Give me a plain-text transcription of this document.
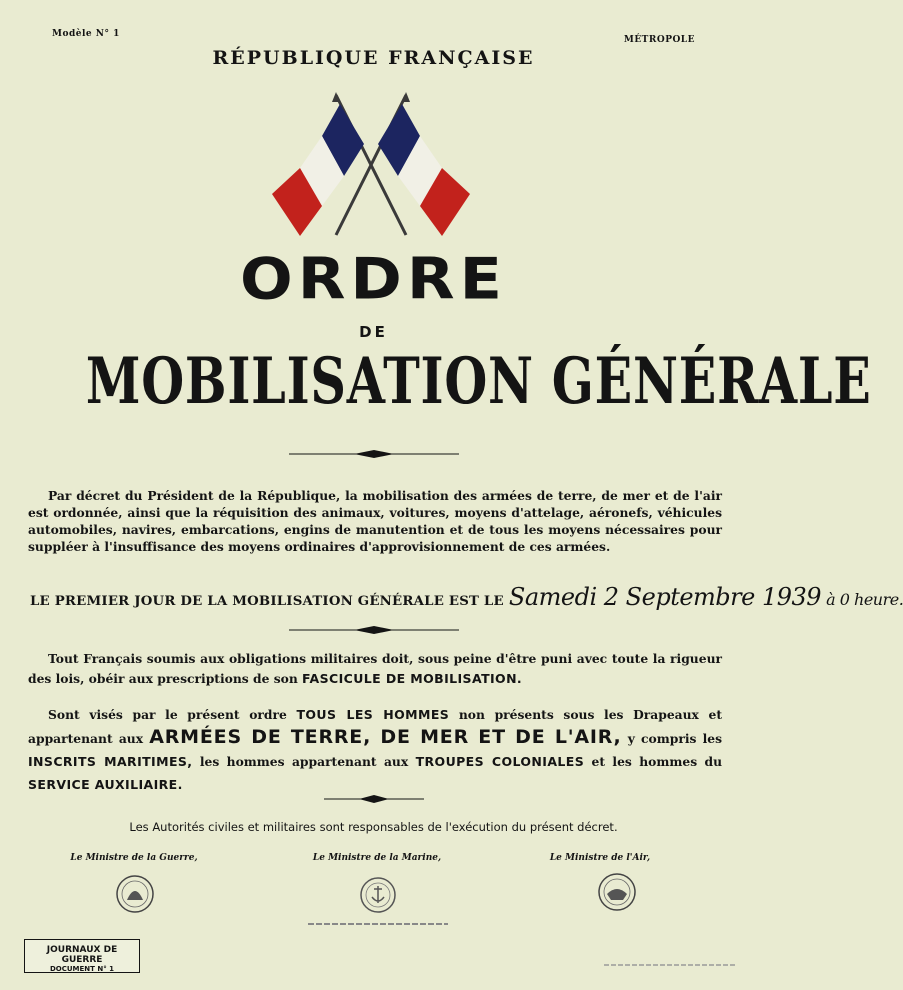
Modèle N° 1
MÉTROPOLE
RÉPUBLIQUE FRANÇAISE
ORDRE
DE
MOBILISATION GÉNÉRALE
Par décret du Président de la République, la mobilisation des armées de terre, de mer et de l'air est ordonnée, ainsi que la réquisition des animaux, voitures, moyens d'attelage, aéronefs, véhicules automobiles, navires, embarcations, engins de manutention et de tous les moyens nécessaires pour suppléer à l'insuffisance des moyens ordinaires d'approvisionnement de ces armées.
LE PREMIER JOUR DE LA MOBILISATION GÉNÉRALE EST LE Samedi 2 Septembre 1939 à 0 heure.
Tout Français soumis aux obligations militaires doit, sous peine d'être puni avec toute la rigueur des lois, obéir aux prescriptions de son FASCICULE DE MOBILISATION.
Sont visés par le présent ordre TOUS LES HOMMES non présents sous les Drapeaux et appartenant aux ARMÉES DE TERRE, DE MER ET DE L'AIR, y compris les INSCRITS MARITIMES, les hommes appartenant aux TROUPES COLONIALES et les hommes du SERVICE AUXILIAIRE.
Les Autorités civiles et militaires sont responsables de l'exécution du présent décret.
Le Ministre de la Guerre,	Le Ministre de la Marine,	Le Ministre de l'Air,
JOURNAUX DE GUERRE
DOCUMENT N° 1
